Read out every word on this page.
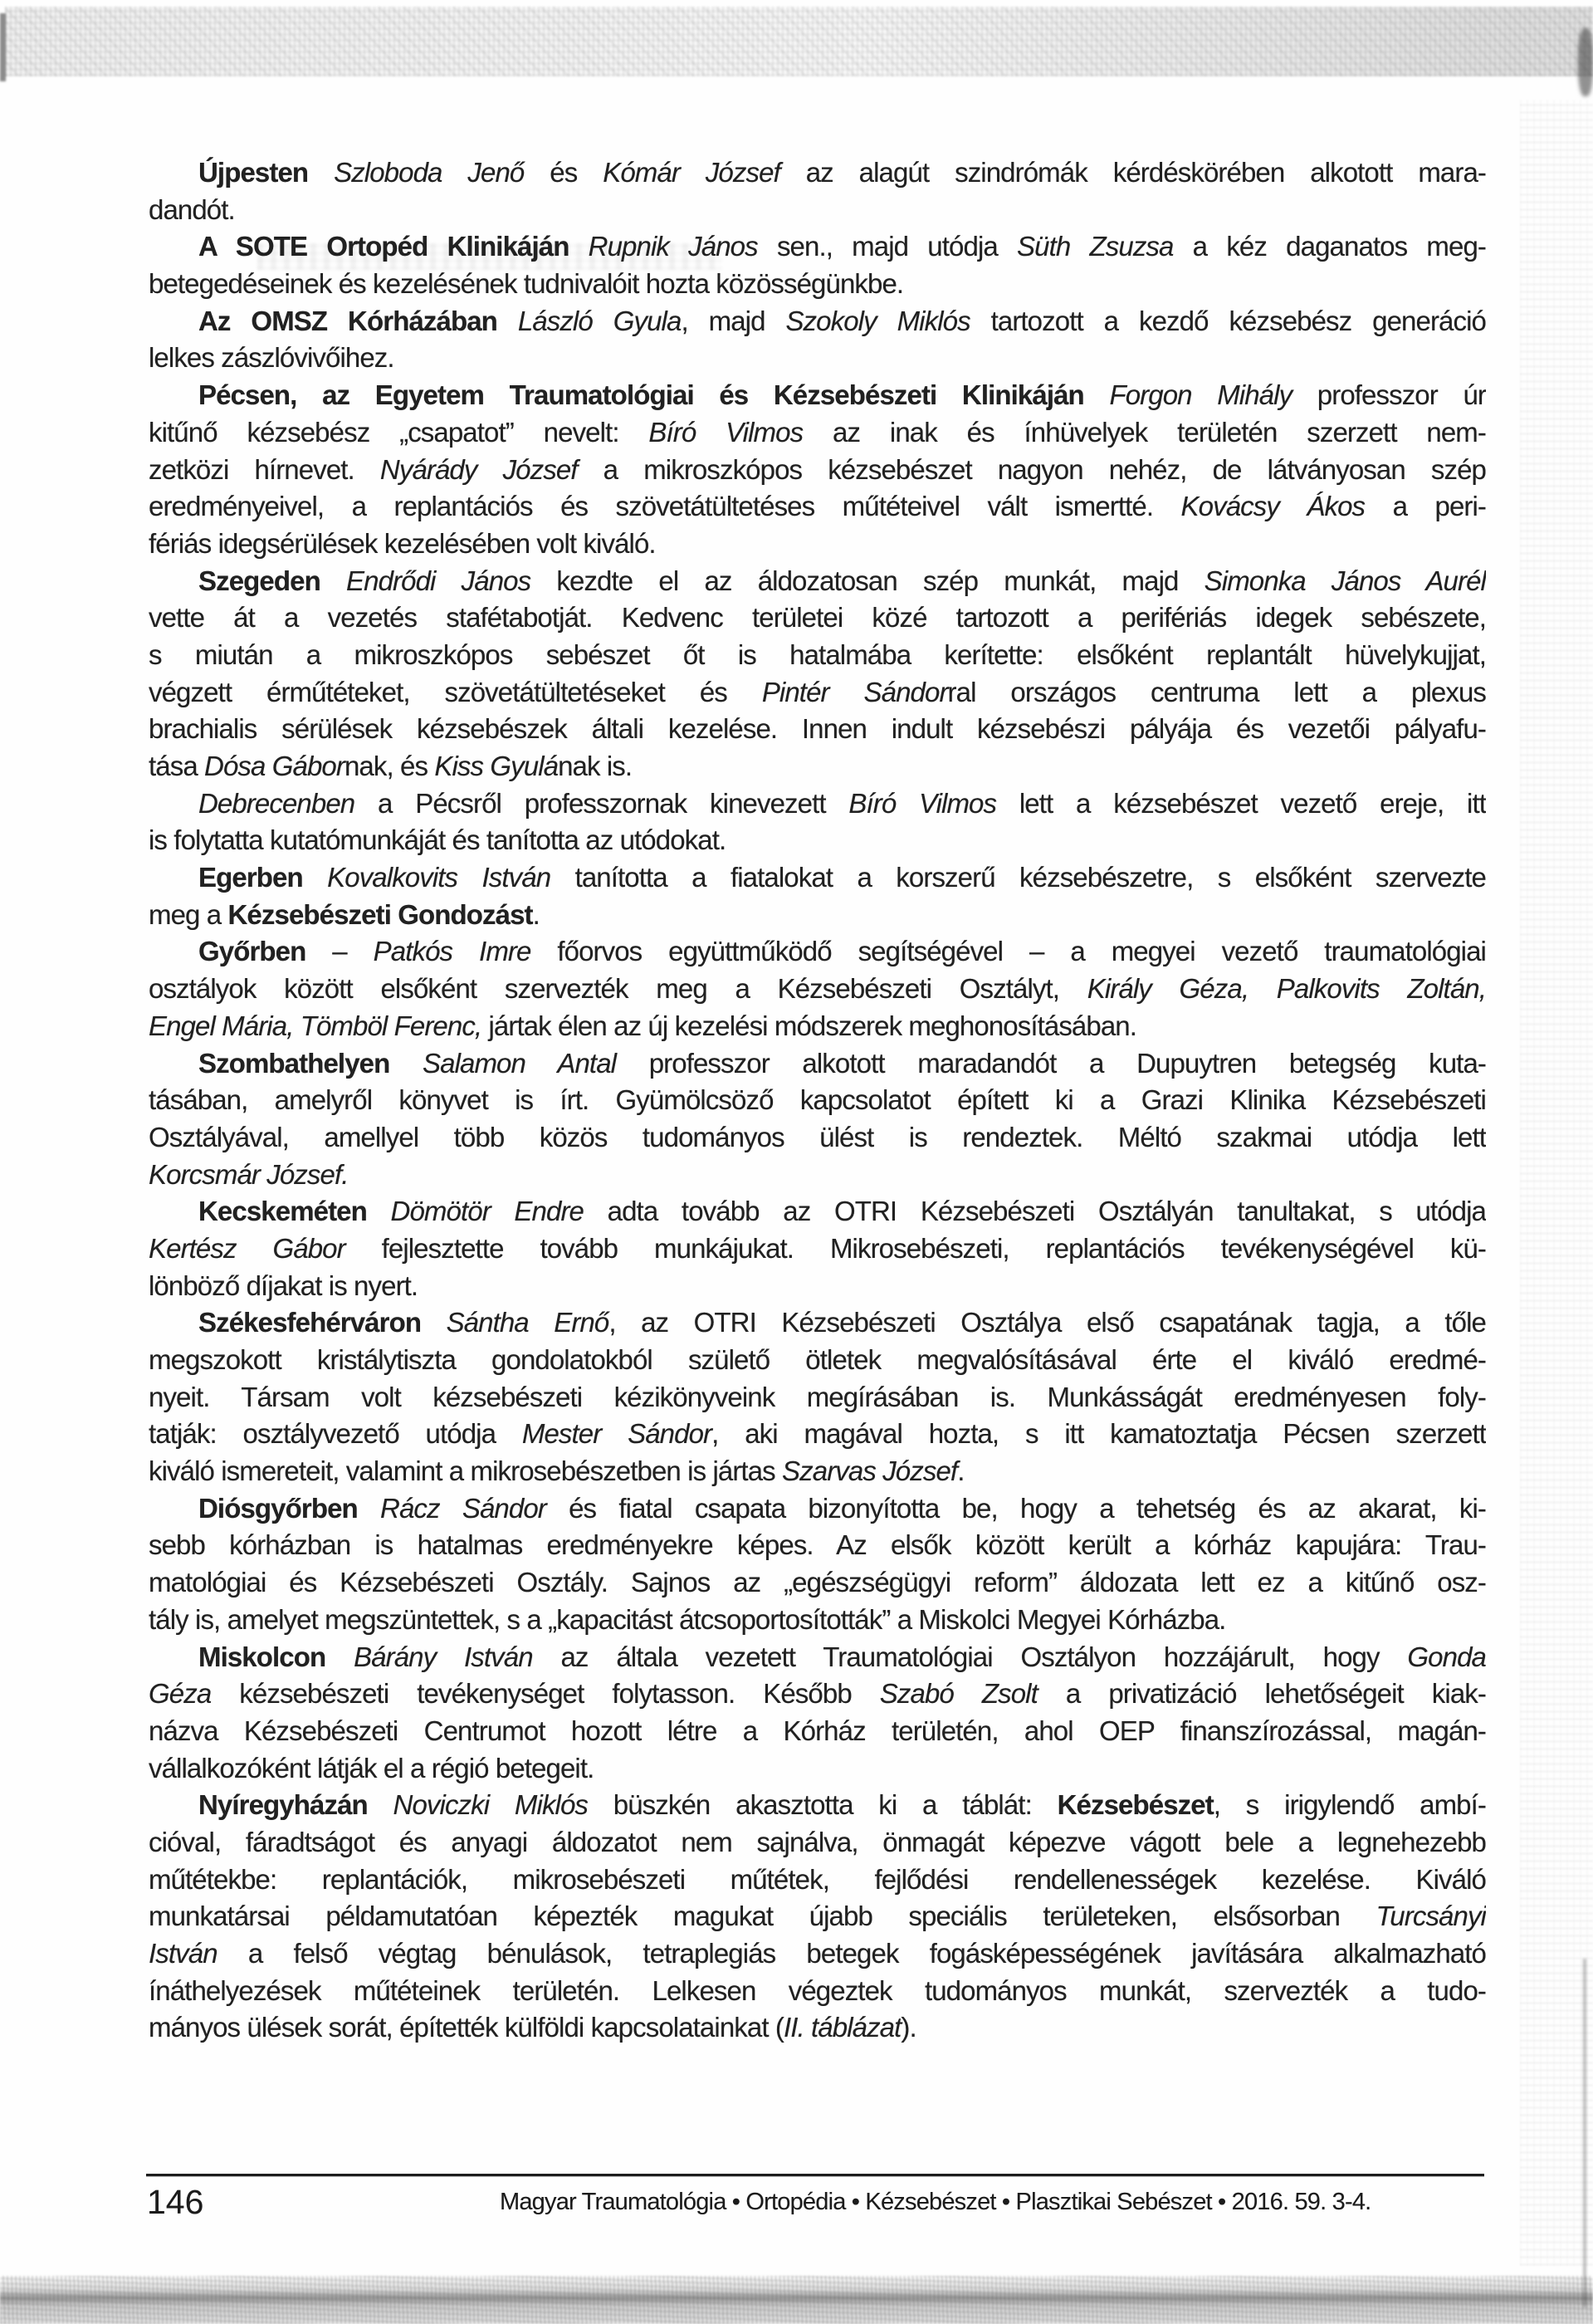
Újpesten Szloboda Jenő és Kómár József az alagút szindrómák kérdéskörében alkotott mara-
dandót.
A SOTE Ortopéd Klinikáján Rupnik János sen., majd utódja Süth Zsuzsa a kéz daganatos meg-
betegedéseinek és kezelésének tudnivalóit hozta közösségünkbe.
Az OMSZ Kórházában László Gyula, majd Szokoly Miklós tartozott a kezdő kézsebész generáció
lelkes zászlóvivőihez.
Pécsen, az Egyetem Traumatológiai és Kézsebészeti Klinikáján Forgon Mihály professzor úr
kitűnő kézsebész „csapatot” nevelt: Bíró Vilmos az inak és ínhüvelyek területén szerzett nem-
zetközi hírnevet. Nyárády József a mikroszkópos kézsebészet nagyon nehéz, de látványosan szép
eredményeivel, a replantációs és szövetátültetéses műtéteivel vált ismertté. Kovácsy Ákos a peri-
fériás idegsérülések kezelésében volt kiváló.
Szegeden Endrődi János kezdte el az áldozatosan szép munkát, majd Simonka János Aurél
vette át a vezetés stafétabotját. Kedvenc területei közé tartozott a perifériás idegek sebészete,
s miután a mikroszkópos sebészet őt is hatalmába kerítette: elsőként replantált hüvelykujjat,
végzett érműtéteket, szövetátültetéseket és Pintér Sándorral országos centruma lett a plexus
brachialis sérülések kézsebészek általi kezelése. Innen indult kézsebészi pályája és vezetői pályafu-
tása Dósa Gábornak, és Kiss Gyulának is.
Debrecenben a Pécsről professzornak kinevezett Bíró Vilmos lett a kézsebészet vezető ereje, itt
is folytatta kutatómunkáját és tanította az utódokat.
Egerben Kovalkovits István tanította a fiatalokat a korszerű kézsebészetre, s elsőként szervezte
meg a Kézsebészeti Gondozást.
Győrben – Patkós Imre főorvos együttműködő segítségével – a megyei vezető traumatológiai
osztályok között elsőként szervezték meg a Kézsebészeti Osztályt, Király Géza, Palkovits Zoltán,
Engel Mária, Tömböl Ferenc, jártak élen az új kezelési módszerek meghonosításában.
Szombathelyen Salamon Antal professzor alkotott maradandót a Dupuytren betegség kuta-
tásában, amelyről könyvet is írt. Gyümölcsöző kapcsolatot épített ki a Grazi Klinika Kézsebészeti
Osztályával, amellyel több közös tudományos ülést is rendeztek. Méltó szakmai utódja lett
Korcsmár József.
Kecskeméten Dömötör Endre adta tovább az OTRI Kézsebészeti Osztályán tanultakat, s utódja
Kertész Gábor fejlesztette tovább munkájukat. Mikrosebészeti, replantációs tevékenységével kü-
lönböző díjakat is nyert.
Székesfehérváron Sántha Ernő, az OTRI Kézsebészeti Osztálya első csapatának tagja, a tőle
megszokott kristálytiszta gondolatokból születő ötletek megvalósításával érte el kiváló eredmé-
nyeit. Társam volt kézsebészeti kézikönyveink megírásában is. Munkásságát eredményesen foly-
tatják: osztályvezető utódja Mester Sándor, aki magával hozta, s itt kamatoztatja Pécsen szerzett
kiváló ismereteit, valamint a mikrosebészetben is jártas Szarvas József.
Diósgyőrben Rácz Sándor és fiatal csapata bizonyította be, hogy a tehetség és az akarat, ki-
sebb kórházban is hatalmas eredményekre képes. Az elsők között került a kórház kapujára: Trau-
matológiai és Kézsebészeti Osztály. Sajnos az „egészségügyi reform” áldozata lett ez a kitűnő osz-
tály is, amelyet megszüntettek, s a „kapacitást átcsoportosították” a Miskolci Megyei Kórházba.
Miskolcon Bárány István az általa vezetett Traumatológiai Osztályon hozzájárult, hogy Gonda
Géza kézsebészeti tevékenységet folytasson. Később Szabó Zsolt a privatizáció lehetőségeit kiak-
názva Kézsebészeti Centrumot hozott létre a Kórház területén, ahol OEP finanszírozással, magán-
vállalkozóként látják el a régió betegeit.
Nyíregyházán Noviczki Miklós büszkén akasztotta ki a táblát: Kézsebészet, s irigylendő ambí-
cióval, fáradtságot és anyagi áldozatot nem sajnálva, önmagát képezve vágott bele a legnehezebb
műtétekbe: replantációk, mikrosebészeti műtétek, fejlődési rendellenességek kezelése. Kiváló
munkatársai példamutatóan képezték magukat újabb speciális területeken, elsősorban Turcsányi
István a felső végtag bénulások, tetraplegiás betegek fogásképességének javítására alkalmazható
ínáthelyezések műtéteinek területén. Lelkesen végeztek tudományos munkát, szervezték a tudo-
mányos ülések sorát, építették külföldi kapcsolatainkat (II. táblázat).
146	Magyar Traumatológia • Ortopédia • Kézsebészet • Plasztikai Sebészet • 2016. 59. 3-4.
